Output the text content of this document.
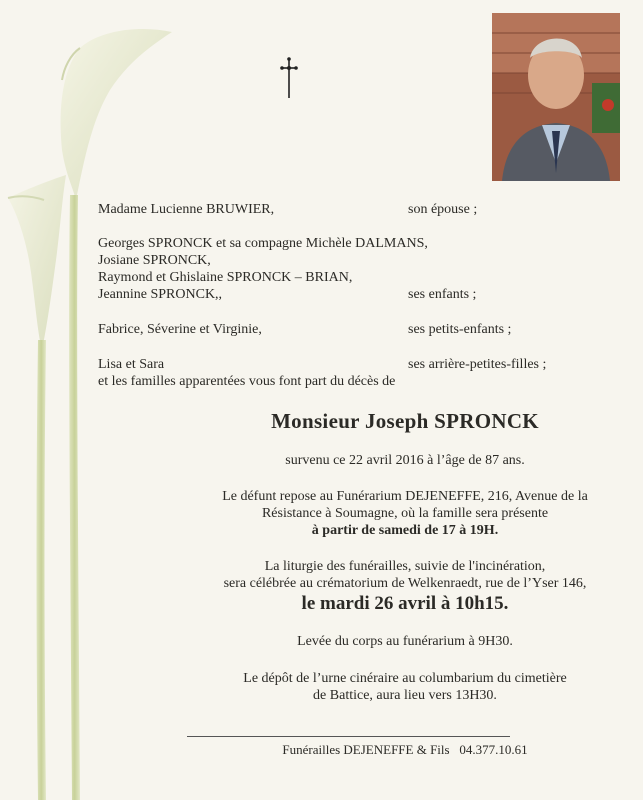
Madame Lucienne BRUWIER,	son épouse ;
Georges SPRONCK et sa compagne Michèle DALMANS,
Josiane SPRONCK,
Raymond et Ghislaine SPRONCK – BRIAN,
Jeannine SPRONCK,,	ses enfants ;
Fabrice, Séverine et Virginie,	ses petits-enfants ;
Lisa et Sara	ses arrière-petites-filles ;
et les familles apparentées vous font part du décès de
Monsieur Joseph SPRONCK
survenu ce 22 avril 2016 à l’âge de 87 ans.
Le défunt repose au Funérarium DEJENEFFE, 216, Avenue de la
Résistance à Soumagne, où la famille sera présente
à partir de samedi de 17 à 19H.
La liturgie des funérailles, suivie de l'incinération,
sera célébrée au crématorium de Welkenraedt, rue de l’Yser 146,
le mardi 26 avril à 10h15.
Levée du corps au funérarium à 9H30.
Le dépôt de l’urne cinéraire au columbarium du cimetière
de Battice, aura lieu vers 13H30.
Funérailles DEJENEFFE & Fils   04.377.10.61
